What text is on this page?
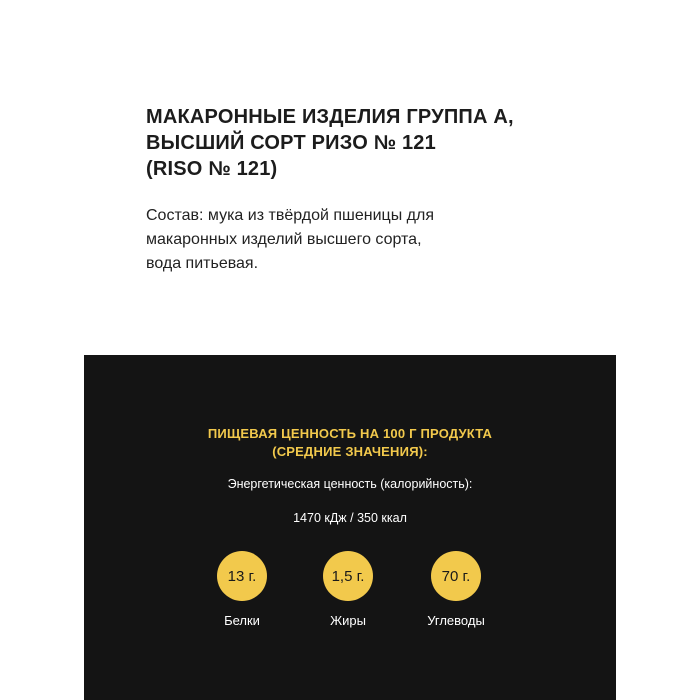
МАКАРОННЫЕ ИЗДЕЛИЯ ГРУППА А,
ВЫСШИЙ СОРТ РИЗО № 121
(RISO № 121)

Состав: мука из твёрдой пшеницы для
макаронных изделий высшего сорта,
вода питьевая.

ПИЩЕВАЯ ЦЕННОСТЬ НА 100 Г ПРОДУКТА
(СРЕДНИЕ ЗНАЧЕНИЯ):
Энергетическая ценность (калорийность):
1470 кДж / 350 ккал
13 г.
Белки
1,5 г.
Жиры
70 г.
Углеводы
